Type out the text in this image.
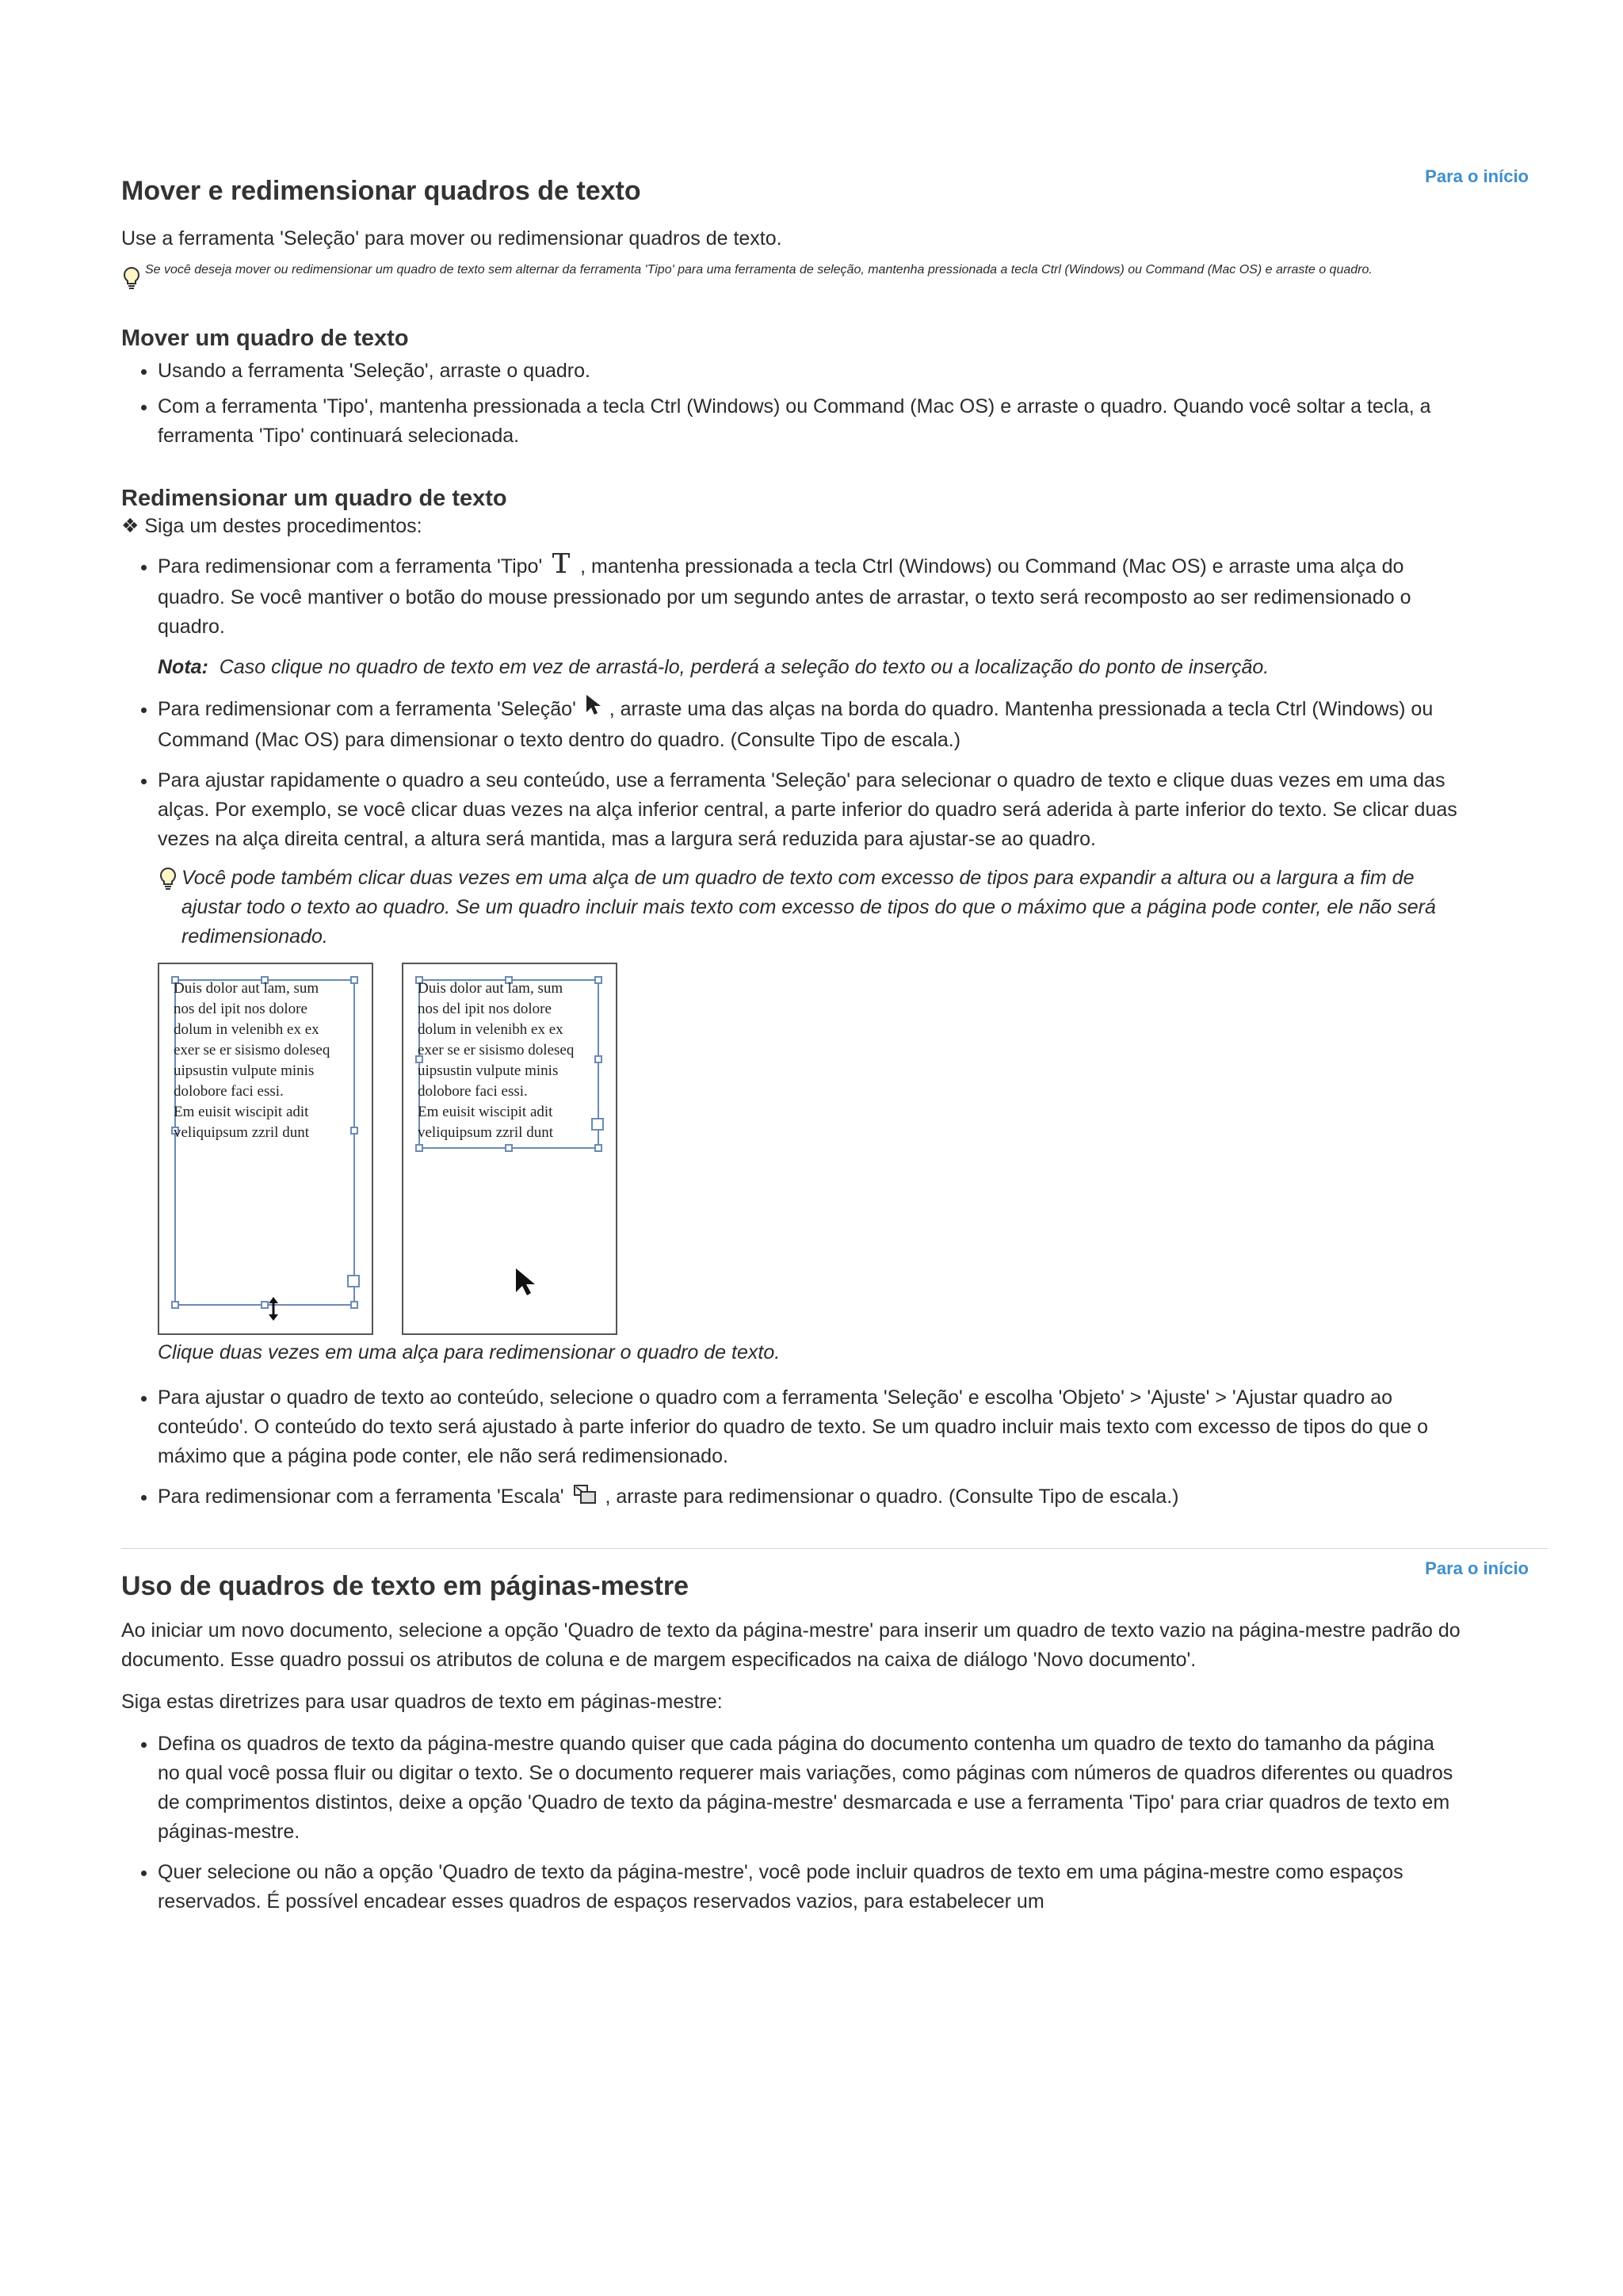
Para o início
Mover e redimensionar quadros de texto

Use a ferramenta 'Seleção' para mover ou redimensionar quadros de texto.

Se você deseja mover ou redimensionar um quadro de texto sem alternar da ferramenta 'Tipo' para uma ferramenta de seleção, mantenha pressionada a tecla Ctrl (Windows) ou Command (Mac OS) e arraste o quadro.
Mover um quadro de texto
• Usando a ferramenta 'Seleção', arraste o quadro.
• Com a ferramenta 'Tipo', mantenha pressionada a tecla Ctrl (Windows) ou Command (Mac OS) e arraste o quadro. Quando você soltar a tecla, a ferramenta 'Tipo' continuará selecionada.
Redimensionar um quadro de texto

❖ Siga um destes procedimentos:

• Para redimensionar com a ferramenta 'Tipo' , mantenha pressionada a tecla Ctrl (Windows) ou Command (Mac OS) e arraste uma alça do quadro. Se você mantiver o botão do mouse pressionado por um segundo antes de arrastar, o texto será recomposto ao ser redimensionado o quadro.

Nota: Caso clique no quadro de texto em vez de arrastá-lo, perderá a seleção do texto ou a localização do ponto de inserção.

• Para redimensionar com a ferramenta 'Seleção' , arraste uma das alças na borda do quadro. Mantenha pressionada a tecla Ctrl (Windows) ou Command (Mac OS) para dimensionar o texto dentro do quadro. (Consulte Tipo de escala.)
• Para ajustar rapidamente o quadro a seu conteúdo, use a ferramenta 'Seleção' para selecionar o quadro de texto e clique duas vezes em uma das alças. Por exemplo, se você clicar duas vezes na alça inferior central, a parte inferior do quadro será aderida à parte inferior do texto. Se clicar duas vezes na alça direita central, a altura será mantida, mas a largura será reduzida para ajustar-se ao quadro.
Você pode também clicar duas vezes em uma alça de um quadro de texto com excesso de tipos para expandir a altura ou a largura a fim de ajustar todo o texto ao quadro. Se um quadro incluir mais texto com excesso de tipos do que o máximo que a página pode conter, ele não será redimensionado.
Duis dolor aut lam, sum
nos del ipit nos dolore
dolum in velenibh ex ex
exer se er sisismo doleseq
uipsustin vulpute minis
dolobore faci essi.
Em euisit wiscipit adit
veliquipsum zzril dunt
Duis dolor aut lam, sum
nos del ipit nos dolore
dolum in velenibh ex ex
exer se er sisismo doleseq
uipsustin vulpute minis
dolobore faci essi.
Em euisit wiscipit adit
veliquipsum zzril dunt

Clique duas vezes em uma alça para redimensionar o quadro de texto.

• Para ajustar o quadro de texto ao conteúdo, selecione o quadro com a ferramenta 'Seleção' e escolha 'Objeto' > 'Ajuste' > 'Ajustar quadro ao conteúdo'. O conteúdo do texto será ajustado à parte inferior do quadro de texto. Se um quadro incluir mais texto com excesso de tipos do que o máximo que a página pode conter, ele não será redimensionado.
• Para redimensionar com a ferramenta 'Escala' , arraste para redimensionar o quadro. (Consulte Tipo de escala.)
Para o início
Uso de quadros de texto em páginas-mestre

Ao iniciar um novo documento, selecione a opção 'Quadro de texto da página-mestre' para inserir um quadro de texto vazio na página-mestre padrão do documento. Esse quadro possui os atributos de coluna e de margem especificados na caixa de diálogo 'Novo documento'.

Siga estas diretrizes para usar quadros de texto em páginas-mestre:

• Defina os quadros de texto da página-mestre quando quiser que cada página do documento contenha um quadro de texto do tamanho da página no qual você possa fluir ou digitar o texto. Se o documento requerer mais variações, como páginas com números de quadros diferentes ou quadros de comprimentos distintos, deixe a opção 'Quadro de texto da página-mestre' desmarcada e use a ferramenta 'Tipo' para criar quadros de texto em páginas-mestre.
• Quer selecione ou não a opção 'Quadro de texto da página-mestre', você pode incluir quadros de texto em uma página-mestre como espaços reservados. É possível encadear esses quadros de espaços reservados vazios, para estabelecer um
